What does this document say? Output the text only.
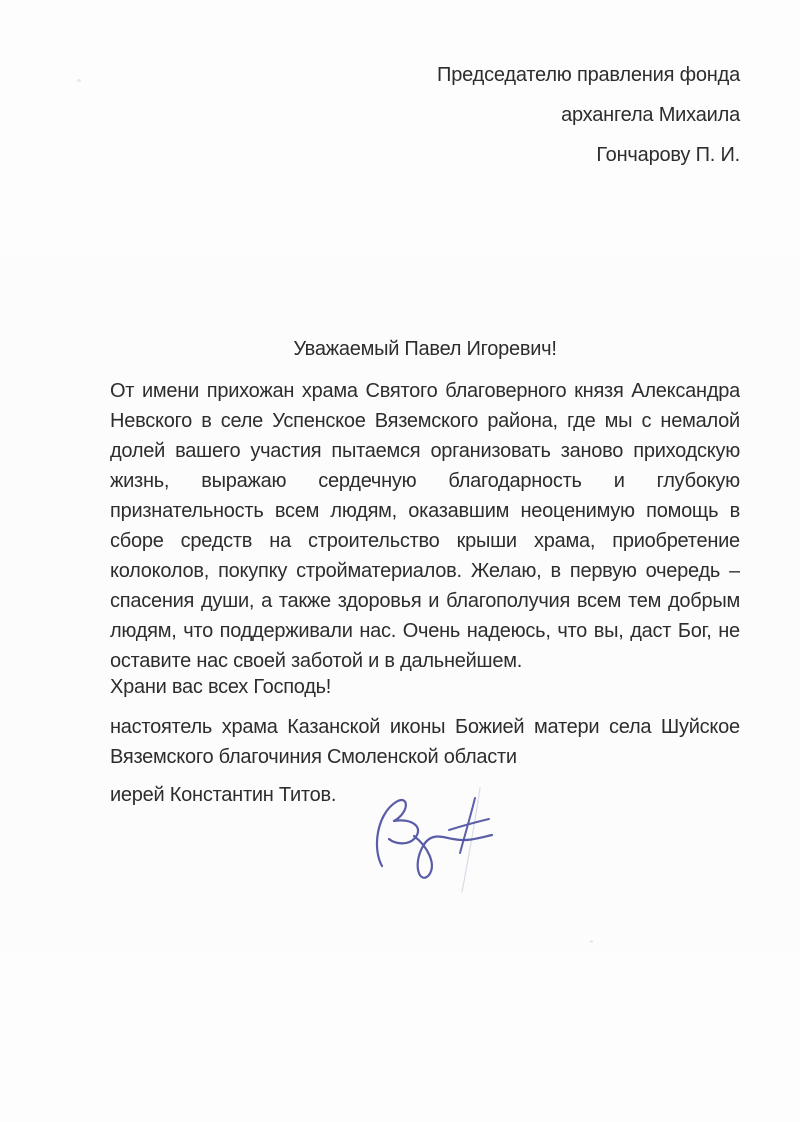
Председателю правления фонда
архангела Михаила
Гончарову П. И.
Уважаемый Павел Игоревич!
От имени прихожан храма Святого благоверного князя Александра
Невского в селе Успенское Вяземского района, где мы с немалой
долей вашего участия пытаемся организовать заново приходскую
жизнь, выражаю сердечную благодарность и глубокую
признательность всем людям, оказавшим неоценимую помощь в
сборе средств на строительство крыши храма, приобретение
колоколов, покупку стройматериалов. Желаю, в первую очередь –
спасения души, а также здоровья и благополучия всем тем добрым
людям, что поддерживали нас. Очень надеюсь, что вы, даст Бог, не
оставите нас своей заботой и в дальнейшем.
Храни вас всех Господь!
настоятель храма Казанской иконы Божией матери села Шуйское
Вяземского благочиния Смоленской области
иерей Константин Титов.
